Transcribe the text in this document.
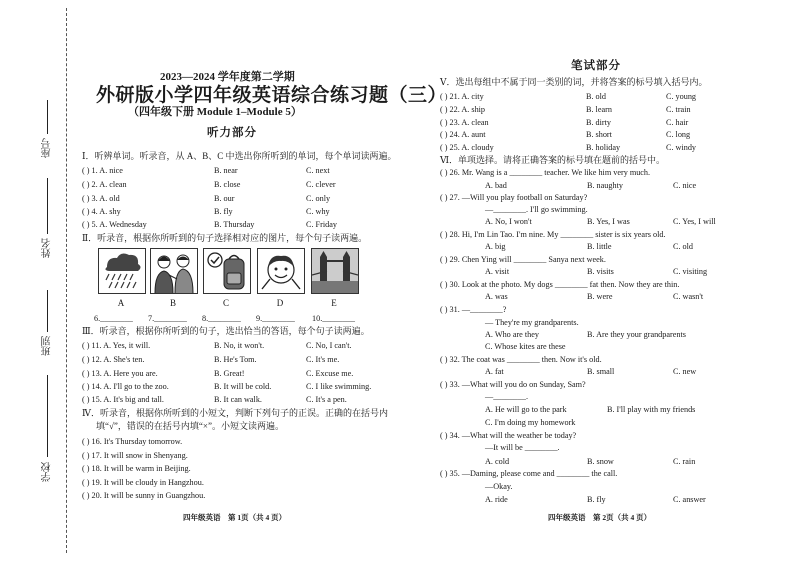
座号
姓名
班别
学校
2023—2024 学年度第二学期
外研版小学四年级英语综合练习题（三）
（四年级下册 Module 1–Module 5）
听力部分
Ⅰ．听辨单词。听录音，从 A、B、C 中选出你所听到的单词，每个单词读两遍。
( ) 1. A. nice	B. near	C. next
( ) 2. A. clean	B. close	C. clever
( ) 3. A. old	B. our	C. only
( ) 4. A. shy	B. fly	C. why
( ) 5. A. Wednesday	B. Thursday	C. Friday
Ⅱ．听录音，根据你所听到的句子选择相对应的图片，每个句子读两遍。
A	B	C	D	E
6.________	7.________	8.________	9.________	10.________
Ⅲ．听录音，根据你所听到的句子，选出恰当的答语，每个句子读两遍。
( ) 11. A. Yes, it will.	B. No, it won't.	C. No, I can't.
( ) 12. A. She's ten.	B. He's Tom.	C. It's me.
( ) 13. A. Here you are.	B. Great!	C. Excuse me.
( ) 14. A. I'll go to the zoo.	B. It will be cold.	C. I like swimming.
( ) 15. A. It's big and tall.	B. It can walk.	C. It's a pen.
Ⅳ．听录音，根据你所听到的小短文，判断下列句子的正误。正确的在括号内
填“√”，错误的在括号内填“×”。小短文读两遍。
( ) 16. It's Thursday tomorrow.
( ) 17. It will snow in Shenyang.
( ) 18. It will be warm in Beijing.
( ) 19. It will be cloudy in Hangzhou.
( ) 20. It will be sunny in Guangzhou.
四年级英语　第 1页（共 4 页）
笔试部分
Ⅴ．选出每组中不属于同一类别的词，并将答案的标号填入括号内。
( ) 21. A. city	B. old	C. young
( ) 22. A. ship	B. learn	C. train
( ) 23. A. clean	B. dirty	C. hair
( ) 24. A. aunt	B. short	C. long
( ) 25. A. cloudy	B. holiday	C. windy
Ⅵ．单项选择。请将正确答案的标号填在题前的括号中。
( ) 26. Mr. Wang is a ________ teacher. We like him very much.
A. bad	B. naughty	C. nice
( ) 27. —Will you play football on Saturday?
—________. I'll go swimming.
A. No, I won't	B. Yes, I was	C. Yes, I will
( ) 28. Hi, I'm Lin Tao. I'm nine. My ________ sister is six years old.
A. big	B. little	C. old
( ) 29. Chen Ying will ________ Sanya next week.
A. visit	B. visits	C. visiting
( ) 30. Look at the photo. My dogs ________ fat then. Now they are thin.
A. was	B. were	C. wasn't
( ) 31. —________?
— They're my grandparents.
A. Who are they	B. Are they your grandparents
C. Whose kites are these
( ) 32. The coat was ________ then. Now it's old.
A. fat	B. small	C. new
( ) 33. —What will you do on Sunday, Sam?
—________.
A. He will go to the park	B. I'll play with my friends
C. I'm doing my homework
( ) 34. —What will the weather be today?
—It will be ________.
A. cold	B. snow	C. rain
( ) 35. —Daming, please come and ________ the call.
—Okay.
A. ride	B. fly	C. answer
四年级英语　第 2页（共 4 页）
